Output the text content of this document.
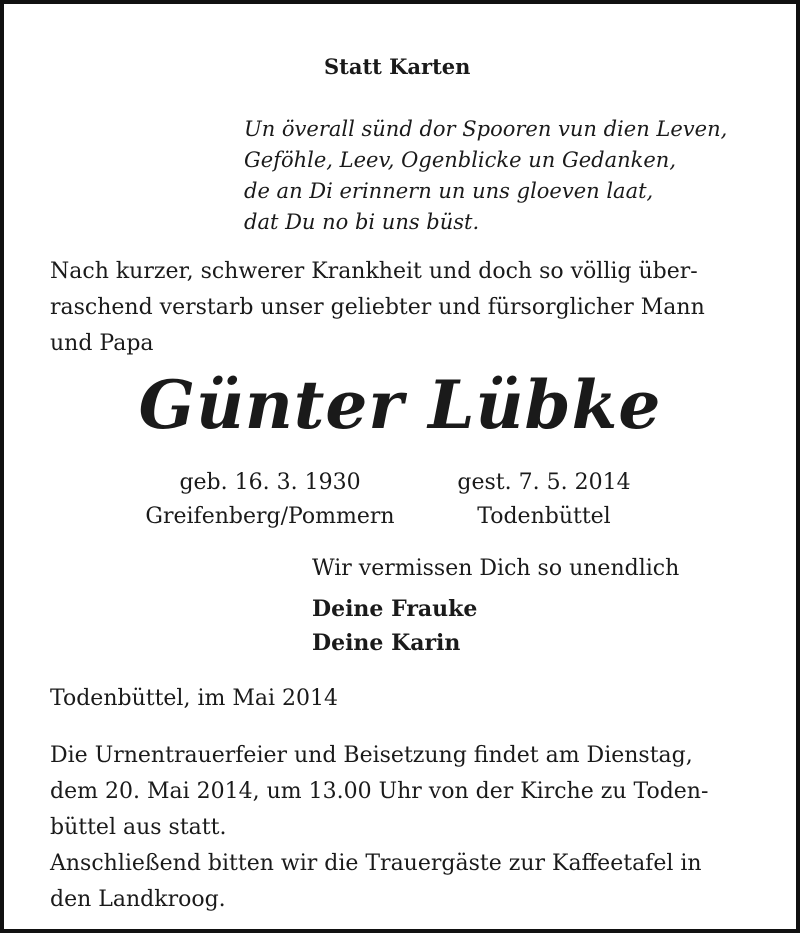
Statt Karten
Un överall sünd dor Spooren vun dien Leven,
Geföhle, Leev, Ogenblicke un Gedanken,
de an Di erinnern un uns gloeven laat,
dat Du no bi uns büst.
Nach kurzer, schwerer Krankheit und doch so völlig über-
raschend verstarb unser geliebter und fürsorglicher Mann
und Papa
Günter Lübke
geb. 16. 3. 1930
Greifenberg/Pommern
gest. 7. 5. 2014
Todenbüttel
Wir vermissen Dich so unendlich
Deine Frauke
Deine Karin
Todenbüttel, im Mai 2014
Die Urnentrauerfeier und Beisetzung findet am Dienstag,
dem 20. Mai 2014, um 13.00 Uhr von der Kirche zu Toden-
büttel aus statt.
Anschließend bitten wir die Trauergäste zur Kaffeetafel in
den Landkroog.
